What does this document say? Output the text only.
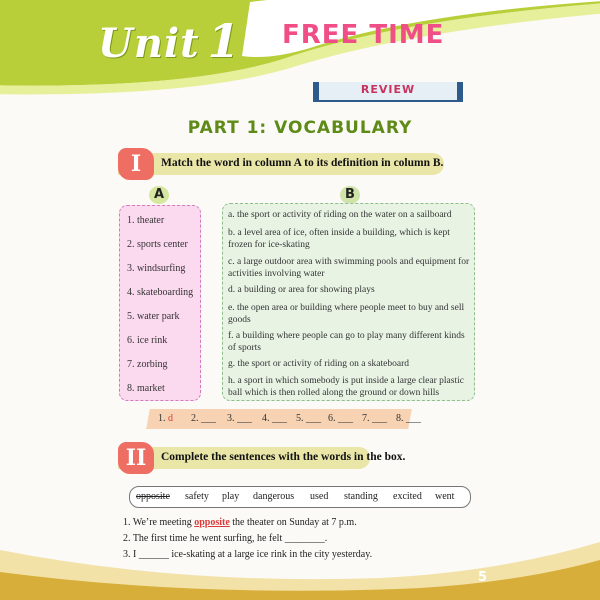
Unit 1 FREE TIME
REVIEW
PART 1: VOCABULARY
I	Match the word in column A to its definition in column B.
A	B
1. theater
2. sports center
3. windsurfing
4. skateboarding
5. water park
6. ice rink
7. zorbing
8. market
a. the sport or activity of riding on the water on a sailboard
b. a level area of ice, often inside a building, which is kept frozen for ice-skating
c. a large outdoor area with swimming pools and equipment for activities involving water
d. a building or area for showing plays
e. the open area or building where people meet to buy and sell goods
f. a building where people can go to play many different kinds of sports
g. the sport or activity of riding on a skateboard
h. a sport in which somebody is put inside a large clear plastic ball which is then rolled along the ground or down hills
1. d 2. ___ 3. ___ 4. ___ 5. ___ 6. ___ 7. ___ 8. ___
II	Complete the sentences with the words in the box.
opposite safety play dangerous used standing excited went
1. We’re meeting opposite the theater on Sunday at 7 p.m.
2. The first time he went surfing, he felt ________.
3. I ______ ice-skating at a large ice rink in the city yesterday.
5
